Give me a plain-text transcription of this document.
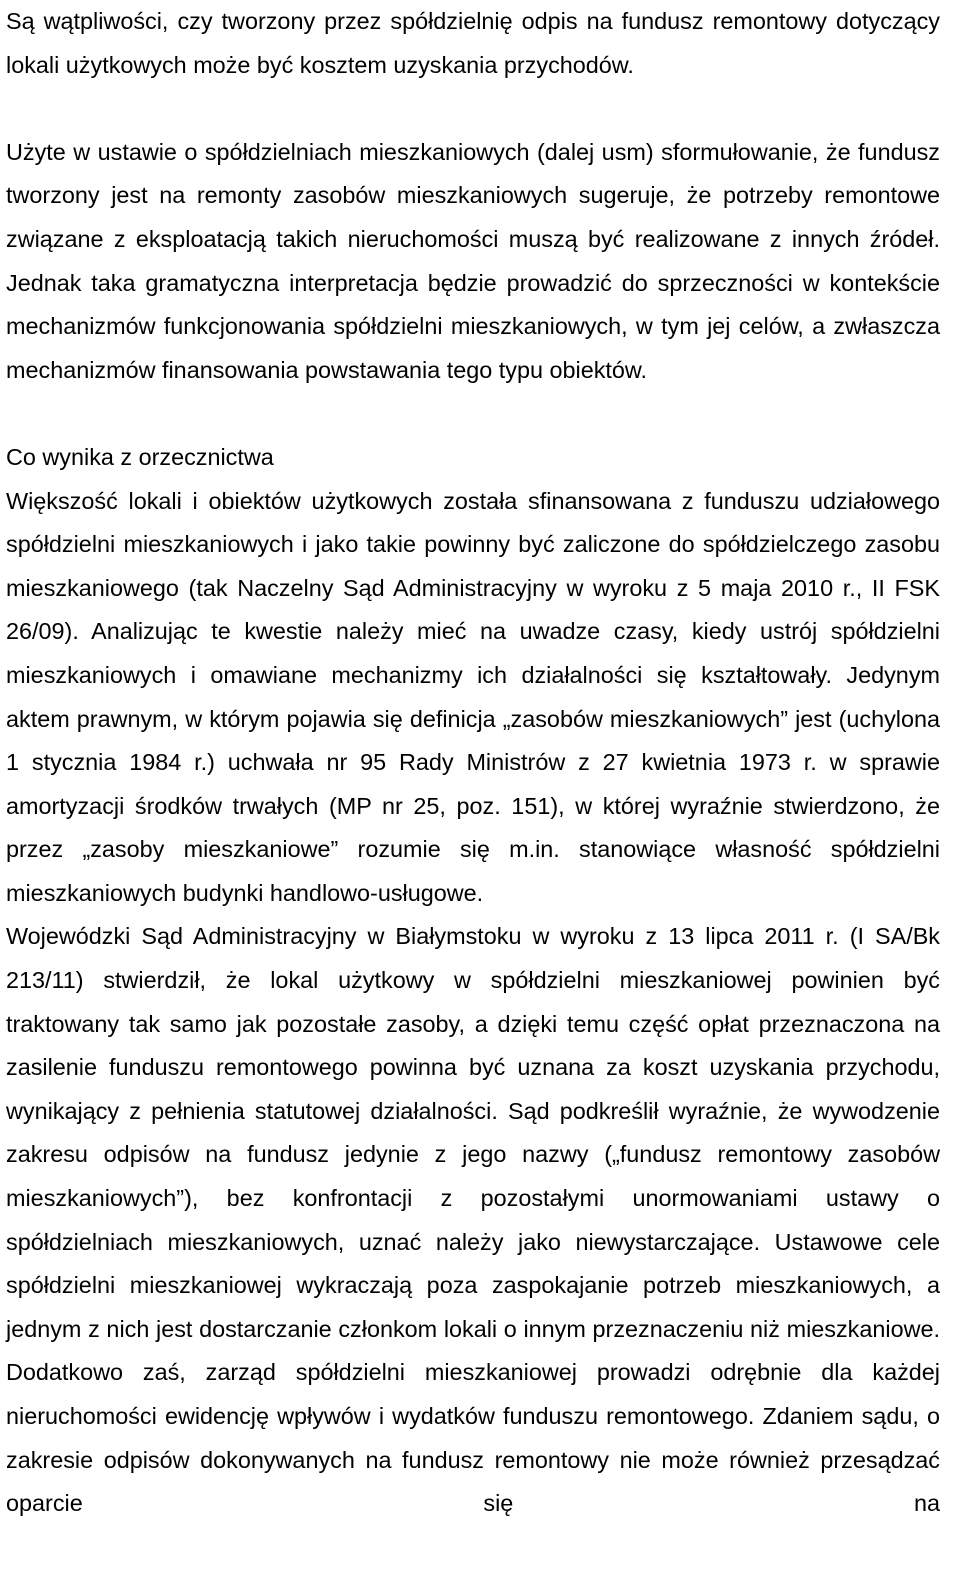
Są wątpliwości, czy tworzony przez spółdzielnię odpis na fundusz remontowy dotyczący lokali użytkowych może być kosztem uzyskania przychodów.

Użyte w ustawie o spółdzielniach mieszkaniowych (dalej usm) sformułowanie, że fundusz tworzony jest na remonty zasobów mieszkaniowych sugeruje, że potrzeby remontowe związane z eksploatacją takich nieruchomości muszą być realizowane z innych źródeł. Jednak taka gramatyczna interpretacja będzie prowadzić do sprzeczności w kontekście mechanizmów funkcjonowania spółdzielni mieszkaniowych, w tym jej celów, a zwłaszcza mechanizmów finansowania powstawania tego typu obiektów.

Co wynika z orzecznictwa

Większość lokali i obiektów użytkowych została sfinansowana z funduszu udziałowego spółdzielni mieszkaniowych i jako takie powinny być zaliczone do spółdzielczego zasobu mieszkaniowego (tak Naczelny Sąd Administracyjny w wyroku z 5 maja 2010 r., II FSK 26/09). Analizując te kwestie należy mieć na uwadze czasy, kiedy ustrój spółdzielni mieszkaniowych i omawiane mechanizmy ich działalności się kształtowały. Jedynym aktem prawnym, w którym pojawia się definicja „zasobów mieszkaniowych” jest (uchylona 1 stycznia 1984 r.) uchwała nr 95 Rady Ministrów z 27 kwietnia 1973 r. w sprawie amortyzacji środków trwałych (MP nr 25, poz. 151), w której wyraźnie stwierdzono, że przez „zasoby mieszkaniowe” rozumie się m.in. stanowiące własność spółdzielni mieszkaniowych budynki handlowo-usługowe.

Wojewódzki Sąd Administracyjny w Białymstoku w wyroku z 13 lipca 2011 r. (I SA/Bk 213/11) stwierdził, że lokal użytkowy w spółdzielni mieszkaniowej powinien być traktowany tak samo jak pozostałe zasoby, a dzięki temu część opłat przeznaczona na zasilenie funduszu remontowego powinna być uznana za koszt uzyskania przychodu, wynikający z pełnienia statutowej działalności. Sąd podkreślił wyraźnie, że wywodzenie zakresu odpisów na fundusz jedynie z jego nazwy („fundusz remontowy zasobów mieszkaniowych”), bez konfrontacji z pozostałymi unormowaniami ustawy o spółdzielniach mieszkaniowych, uznać należy jako niewystarczające. Ustawowe cele spółdzielni mieszkaniowej wykraczają poza zaspokajanie potrzeb mieszkaniowych, a jednym z nich jest dostarczanie członkom lokali o innym przeznaczeniu niż mieszkaniowe. Dodatkowo zaś, zarząd spółdzielni mieszkaniowej prowadzi odrębnie dla każdej nieruchomości ewidencję wpływów i wydatków funduszu remontowego. Zdaniem sądu, o zakresie odpisów dokonywanych na fundusz remontowy nie może również przesądzać oparcie się na
